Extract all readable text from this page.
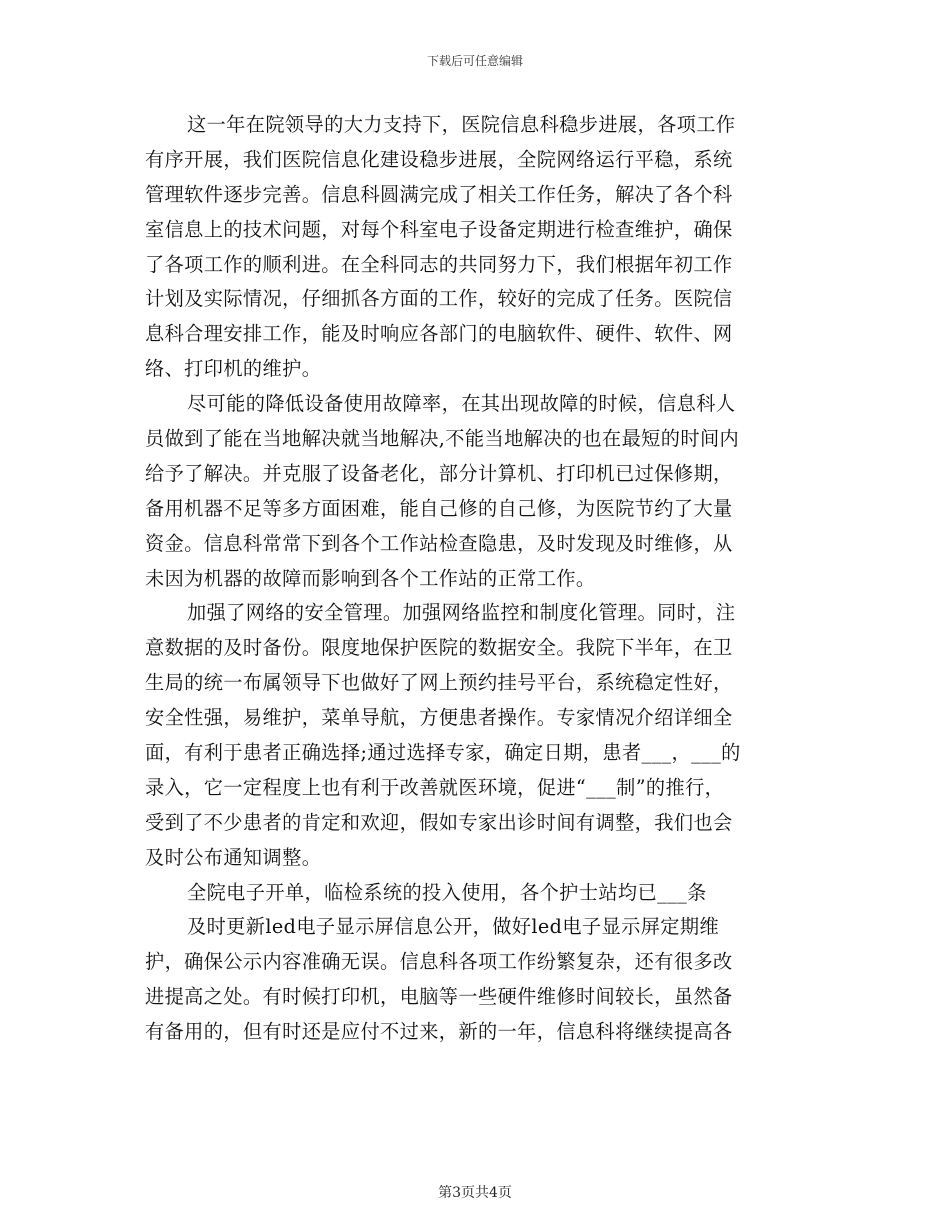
下载后可任意编辑
这一年在院领导的大力支持下，医院信息科稳步进展，各项工作
有序开展，我们医院信息化建设稳步进展，全院网络运行平稳，系统
管理软件逐步完善。信息科圆满完成了相关工作任务，解决了各个科
室信息上的技术问题，对每个科室电子设备定期进行检查维护，确保
了各项工作的顺利进。在全科同志的共同努力下，我们根据年初工作
计划及实际情况，仔细抓各方面的工作，较好的完成了任务。医院信
息科合理安排工作，能及时响应各部门的电脑软件、硬件、软件、网
络、打印机的维护。
尽可能的降低设备使用故障率，在其出现故障的时候，信息科人
员做到了能在当地解决就当地解决,不能当地解决的也在最短的时间内
给予了解决。并克服了设备老化，部分计算机、打印机已过保修期，
备用机器不足等多方面困难，能自己修的自己修，为医院节约了大量
资金。信息科常常下到各个工作站检查隐患，及时发现及时维修，从
未因为机器的故障而影响到各个工作站的正常工作。
加强了网络的安全管理。加强网络监控和制度化管理。同时，注
意数据的及时备份。限度地保护医院的数据安全。我院下半年，在卫
生局的统一布属领导下也做好了网上预约挂号平台，系统稳定性好，
安全性强，易维护，菜单导航，方便患者操作。专家情况介绍详细全
面，有利于患者正确选择;通过选择专家，确定日期，患者___，___的
录入，它一定程度上也有利于改善就医环境，促进“___制”的推行，
受到了不少患者的肯定和欢迎，假如专家出诊时间有调整，我们也会
及时公布通知调整。
全院电子开单，临检系统的投入使用，各个护士站均已___条
及时更新led电子显示屏信息公开，做好led电子显示屏定期维
护，确保公示内容准确无误。信息科各项工作纷繁复杂，还有很多改
进提高之处。有时候打印机，电脑等一些硬件维修时间较长，虽然备
有备用的，但有时还是应付不过来，新的一年，信息科将继续提高各
第3页共4页
